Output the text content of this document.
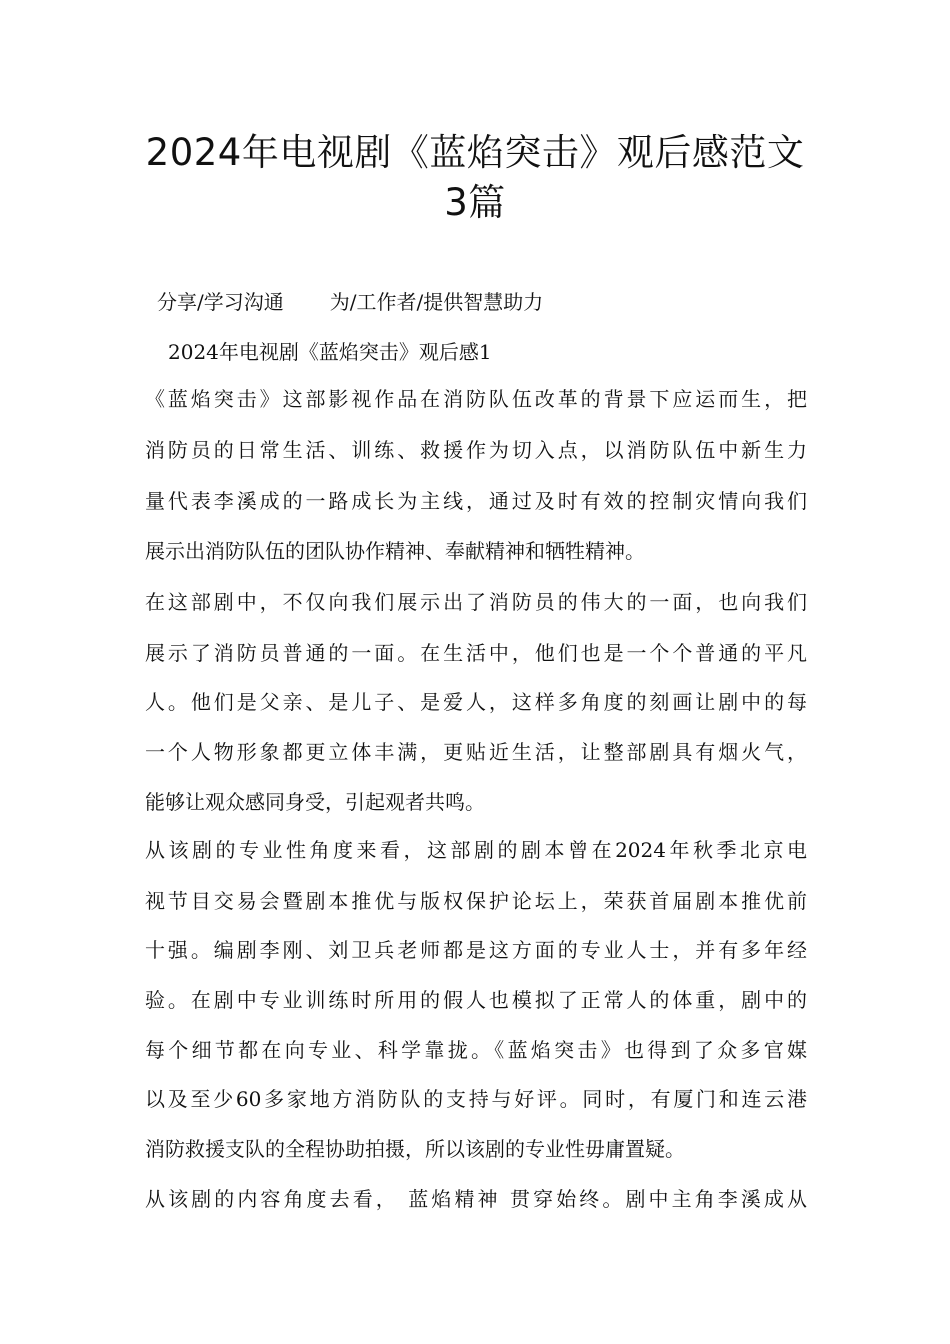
2024年电视剧《蓝焰突击》观后感范文
3篇
分享/学习沟通 为/工作者/提供智慧助力
2024年电视剧《蓝焰突击》观后感1
《蓝焰突击》这部影视作品在消防队伍改革的背景下应运而生，把
消防员的日常生活、训练、救援作为切入点，以消防队伍中新生力
量代表李溪成的一路成长为主线，通过及时有效的控制灾情向我们
展示出消防队伍的团队协作精神、奉献精神和牺牲精神。
在这部剧中，不仅向我们展示出了消防员的伟大的一面，也向我们
展示了消防员普通的一面。在生活中，他们也是一个个普通的平凡
人。他们是父亲、是儿子、是爱人，这样多角度的刻画让剧中的每
一个人物形象都更立体丰满，更贴近生活，让整部剧具有烟火气，
能够让观众感同身受，引起观者共鸣。
从该剧的专业性角度来看，这部剧的剧本曾在2024年秋季北京电
视节目交易会暨剧本推优与版权保护论坛上，荣获首届剧本推优前
十强。编剧李刚、刘卫兵老师都是这方面的专业人士，并有多年经
验。在剧中专业训练时所用的假人也模拟了正常人的体重，剧中的
每个细节都在向专业、科学靠拢。《蓝焰突击》也得到了众多官媒
以及至少60多家地方消防队的支持与好评。同时，有厦门和连云港
消防救援支队的全程协助拍摄，所以该剧的专业性毋庸置疑。
从该剧的内容角度去看， 蓝焰精神 贯穿始终。剧中主角李溪成从
